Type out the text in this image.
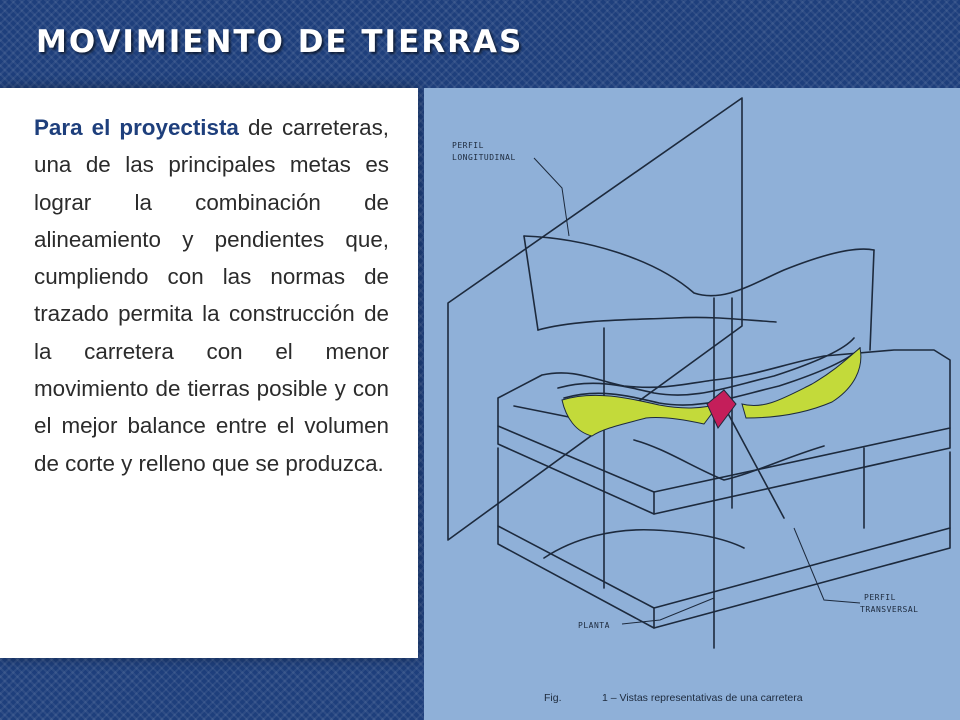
MOVIMIENTO DE TIERRAS

Para el proyectista de carreteras, una de las principales metas es lograr la combinación de alineamiento y pendientes que, cumpliendo con las normas de trazado permita la construcción de la carretera con el menor movimiento de tierras posible y con el mejor balance entre el volumen de corte y relleno que se produzca.

PERFIL
LONGITUDINAL
PERFIL
TRANSVERSAL
PLANTA
Fig.	1 – Vistas representativas de una carretera
